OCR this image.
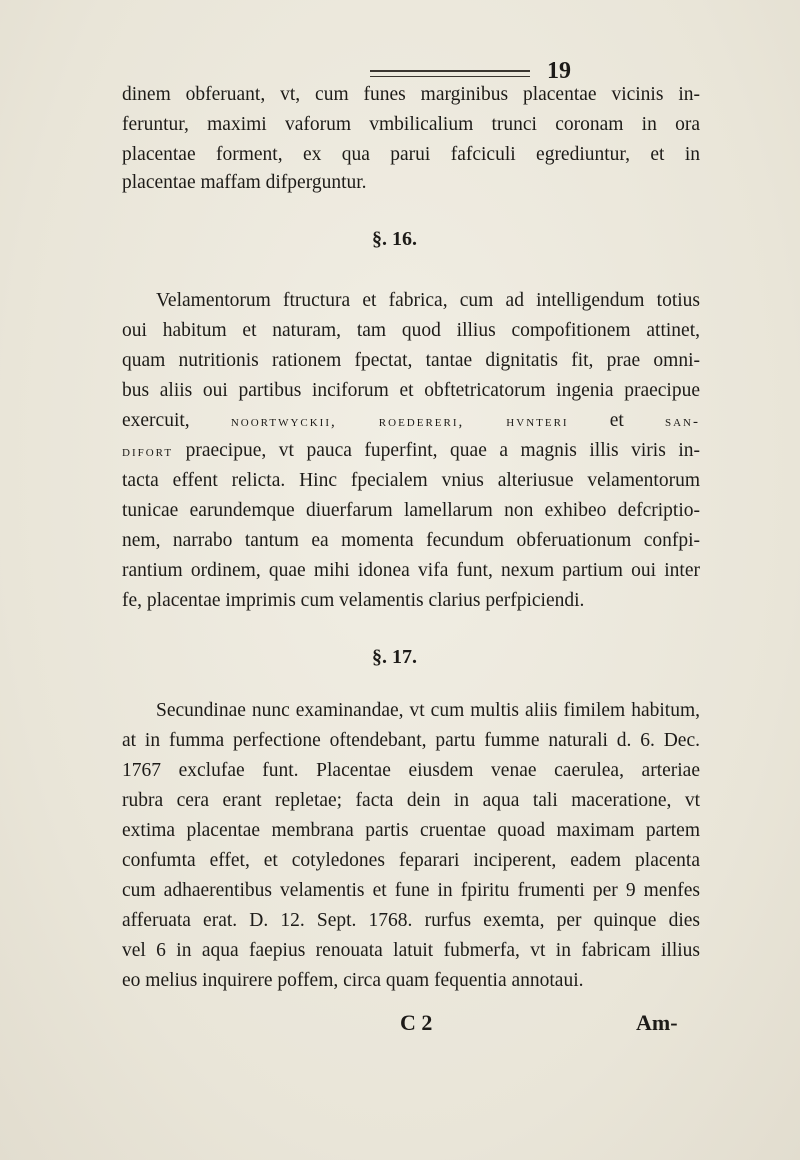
19
dinem obferuant, vt, cum funes marginibus placentae vicinis in-
feruntur, maximi vaforum vmbilicalium trunci coronam in ora
placentae forment, ex qua parui fafciculi egrediuntur, et in
placentae maffam difperguntur.
§. 16.
Velamentorum ftructura et fabrica, cum ad intelligendum totius
oui habitum et naturam, tam quod illius compofitionem attinet,
quam nutritionis rationem fpectat, tantae dignitatis fit, prae omni-
bus aliis oui partibus inciforum et obftetricatorum ingenia praecipue
exercuit, noortwyckii, roedereri, hvnteri et san-
difort praecipue, vt pauca fuperfint, quae a magnis illis viris in-
tacta effent relicta. Hinc fpecialem vnius alteriusue velamentorum
tunicae earundemque diuerfarum lamellarum non exhibeo defcriptio-
nem, narrabo tantum ea momenta fecundum obferuationum confpi-
rantium ordinem, quae mihi idonea vifa funt, nexum partium oui inter
fe, placentae imprimis cum velamentis clarius perfpiciendi.
§. 17.
Secundinae nunc examinandae, vt cum multis aliis fimilem habitum,
at in fumma perfectione oftendebant, partu fumme naturali d. 6. Dec.
1767 exclufae funt. Placentae eiusdem venae caerulea, arteriae
rubra cera erant repletae; facta dein in aqua tali maceratione, vt
extima placentae membrana partis cruentae quoad maximam partem
confumta effet, et cotyledones feparari inciperent, eadem placenta
cum adhaerentibus velamentis et fune in fpiritu frumenti per 9 menfes
afferuata erat. D. 12. Sept. 1768. rurfus exemta, per quinque dies
vel 6 in aqua faepius renouata latuit fubmerfa, vt in fabricam illius
eo melius inquirere poffem, circa quam fequentia annotaui.
C 2	Am-
